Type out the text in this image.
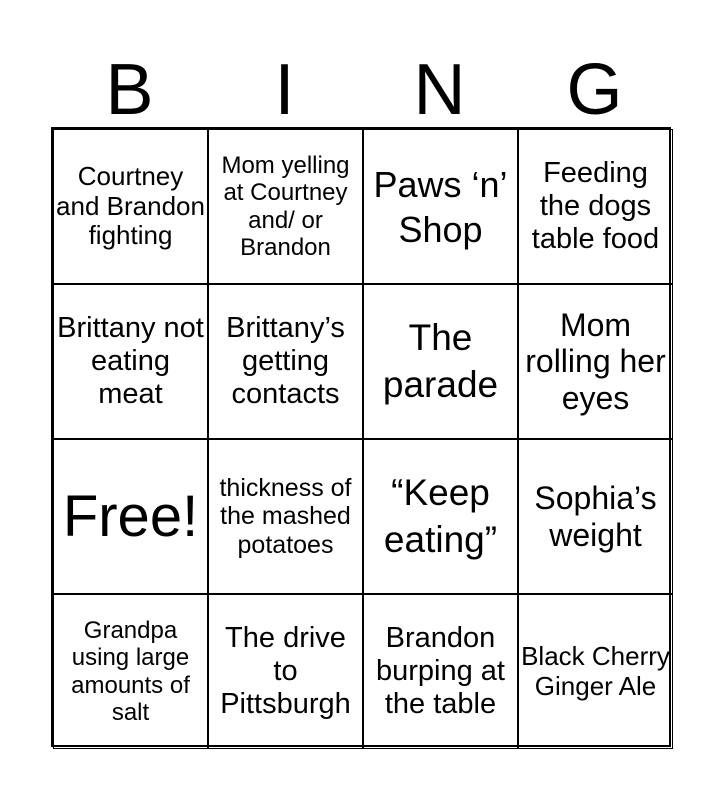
B	I	N	G
Courtney and Brandon fighting
Mom yelling at Courtney and/ or Brandon
Paws ‘n’ Shop
Feeding the dogs table food
Brittany not eating meat
Brittany’s getting contacts
The parade
Mom rolling her eyes
Free! thickness of the mashed potatoes
“Keep eating”
Sophia’s weight
Grandpa using large amounts of salt
The drive to Pittsburgh
Brandon burping at the table
Black Cherry Ginger Ale
